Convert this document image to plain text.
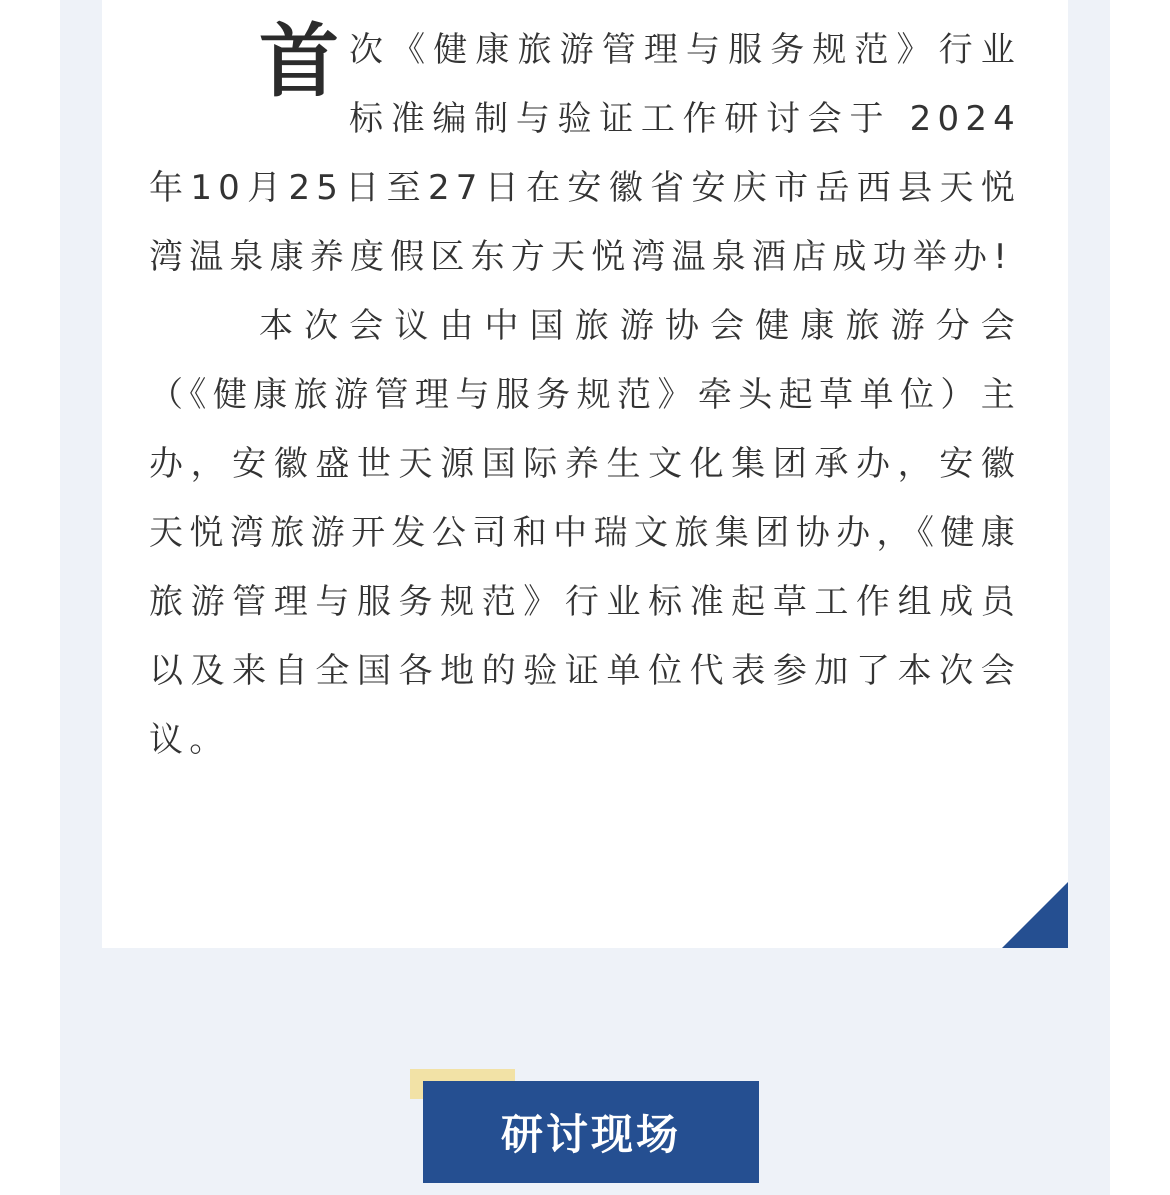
首次《健康旅游管理与服务规范》行业标准编制与验证工作研讨会于 2024年10月25日至27日在安徽省安庆市岳西县天悦湾温泉康养度假区东方天悦湾温泉酒店成功举办!

本次会议由中国旅游协会健康旅游分会（《健康旅游管理与服务规范》牵头起草单位）主办，安徽盛世天源国际养生文化集团承办，安徽天悦湾旅游开发公司和中瑞文旅集团协办，《健康旅游管理与服务规范》行业标准起草工作组成员以及来自全国各地的验证单位代表参加了本次会议。

研讨现场
